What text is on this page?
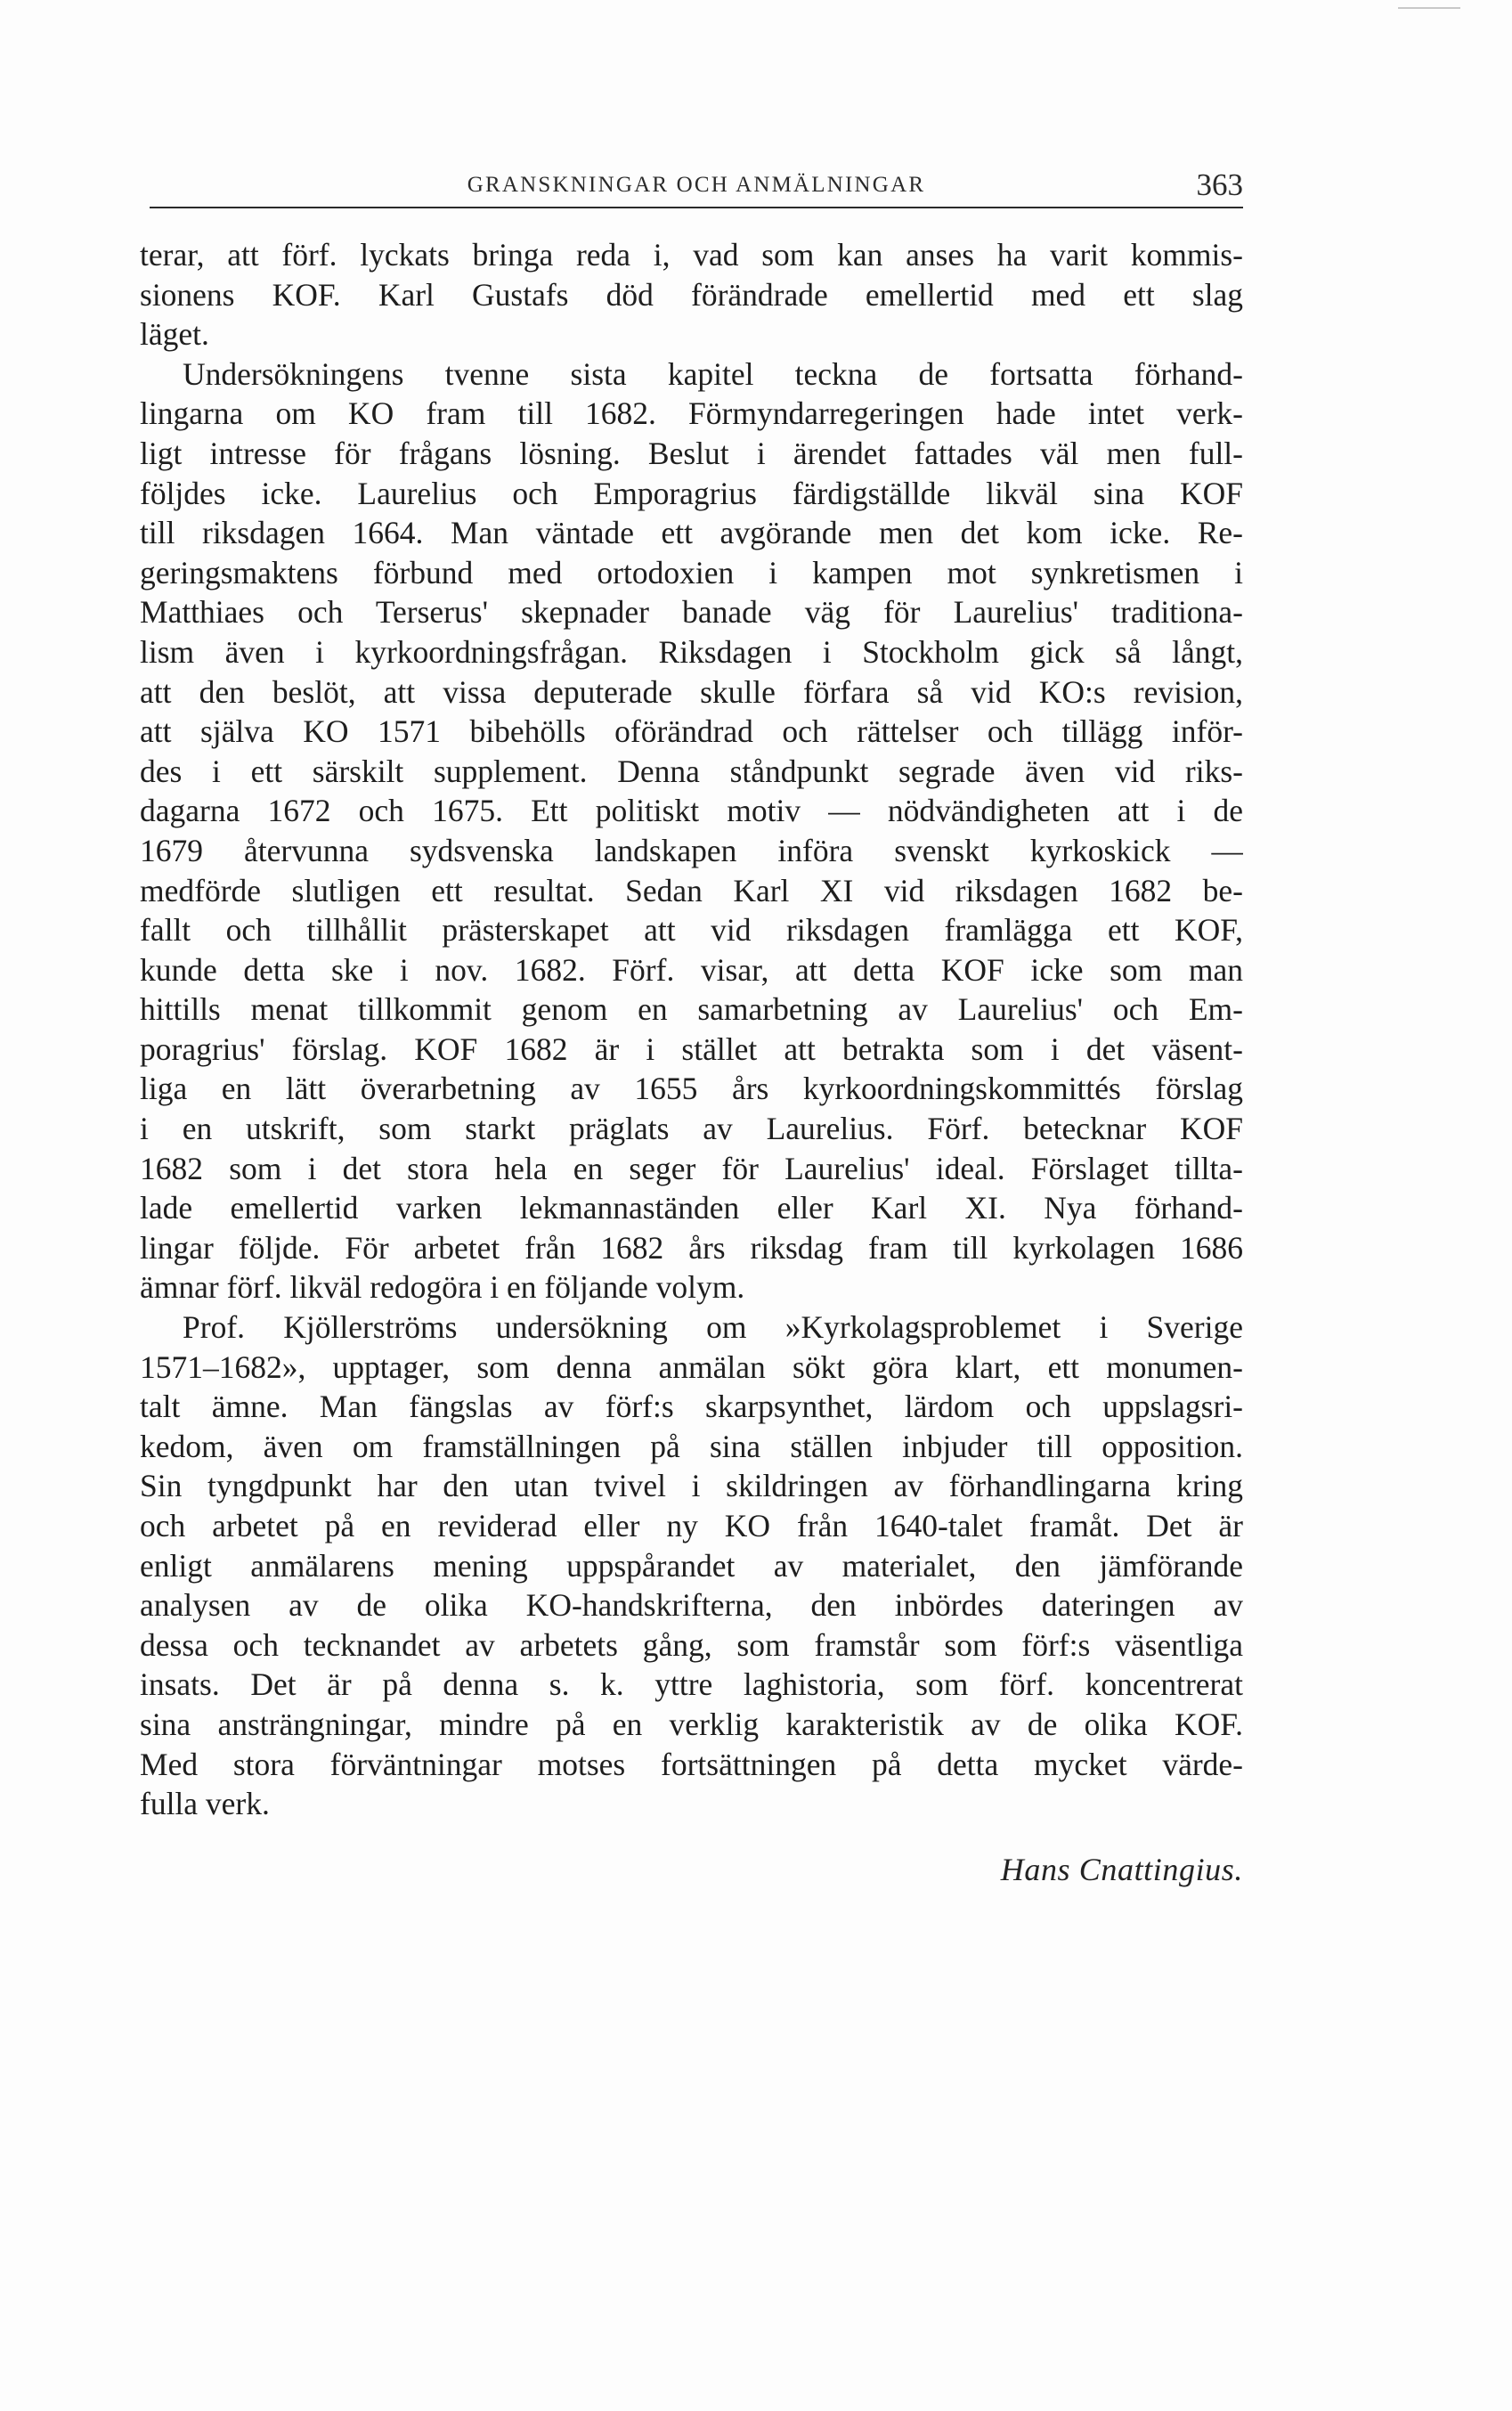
GRANSKNINGAR OCH ANMÄLNINGAR	363
terar, att förf. lyckats bringa reda i, vad som kan anses ha varit kommis-
sionens KOF. Karl Gustafs död förändrade emellertid med ett slag
läget.
Undersökningens tvenne sista kapitel teckna de fortsatta förhand-
lingarna om KO fram till 1682. Förmyndarregeringen hade intet verk-
ligt intresse för frågans lösning. Beslut i ärendet fattades väl men full-
följdes icke. Laurelius och Emporagrius färdigställde likväl sina KOF
till riksdagen 1664. Man väntade ett avgörande men det kom icke. Re-
geringsmaktens förbund med ortodoxien i kampen mot synkretismen i
Matthiaes och Terserus' skepnader banade väg för Laurelius' traditiona-
lism även i kyrkoordningsfrågan. Riksdagen i Stockholm gick så långt,
att den beslöt, att vissa deputerade skulle förfara så vid KO:s revision,
att själva KO 1571 bibehölls oförändrad och rättelser och tillägg inför-
des i ett särskilt supplement. Denna ståndpunkt segrade även vid riks-
dagarna 1672 och 1675. Ett politiskt motiv — nödvändigheten att i de
1679 återvunna sydsvenska landskapen införa svenskt kyrkoskick —
medförde slutligen ett resultat. Sedan Karl XI vid riksdagen 1682 be-
fallt och tillhållit prästerskapet att vid riksdagen framlägga ett KOF,
kunde detta ske i nov. 1682. Förf. visar, att detta KOF icke som man
hittills menat tillkommit genom en samarbetning av Laurelius' och Em-
poragrius' förslag. KOF 1682 är i stället att betrakta som i det väsent-
liga en lätt överarbetning av 1655 års kyrkoordningskommittés förslag
i en utskrift, som starkt präglats av Laurelius. Förf. betecknar KOF
1682 som i det stora hela en seger för Laurelius' ideal. Förslaget tillta-
lade emellertid varken lekmannaständen eller Karl XI. Nya förhand-
lingar följde. För arbetet från 1682 års riksdag fram till kyrkolagen 1686
ämnar förf. likväl redogöra i en följande volym.
Prof. Kjöllerströms undersökning om »Kyrkolagsproblemet i Sverige
1571–1682», upptager, som denna anmälan sökt göra klart, ett monumen-
talt ämne. Man fängslas av förf:s skarpsynthet, lärdom och uppslagsri-
kedom, även om framställningen på sina ställen inbjuder till opposition.
Sin tyngdpunkt har den utan tvivel i skildringen av förhandlingarna kring
och arbetet på en reviderad eller ny KO från 1640-talet framåt. Det är
enligt anmälarens mening uppspårandet av materialet, den jämförande
analysen av de olika KO-handskrifterna, den inbördes dateringen av
dessa och tecknandet av arbetets gång, som framstår som förf:s väsentliga
insats. Det är på denna s. k. yttre laghistoria, som förf. koncentrerat
sina ansträngningar, mindre på en verklig karakteristik av de olika KOF.
Med stora förväntningar motses fortsättningen på detta mycket värde-
fulla verk.
Hans Cnattingius.
